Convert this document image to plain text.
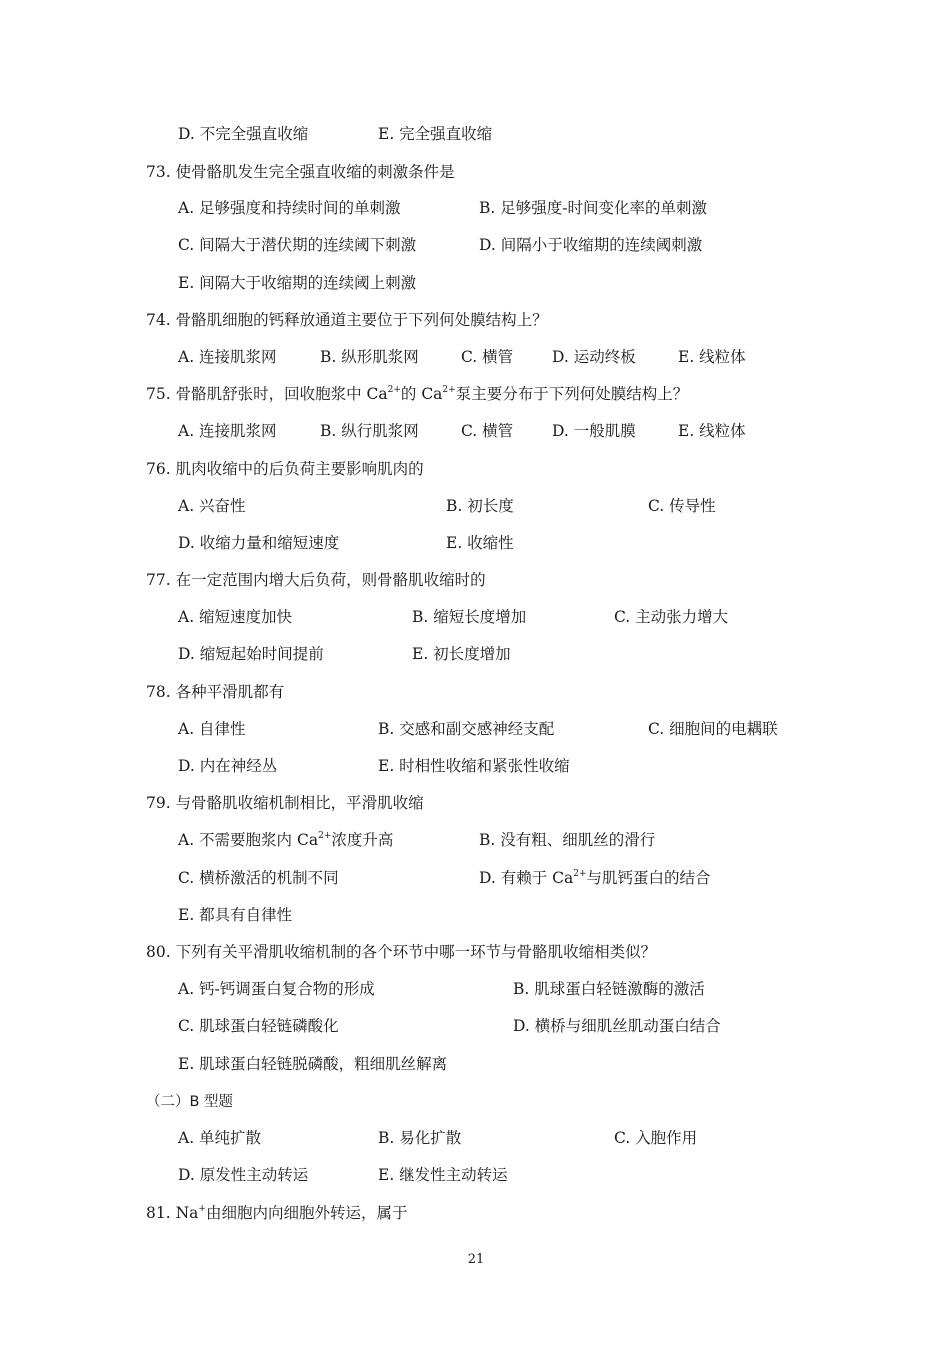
D. 不完全强直收缩	E. 完全强直收缩
73. 使骨骼肌发生完全强直收缩的刺激条件是
A. 足够强度和持续时间的单刺激	B. 足够强度-时间变化率的单刺激
C. 间隔大于潜伏期的连续阈下刺激	D. 间隔小于收缩期的连续阈刺激
E. 间隔大于收缩期的连续阈上刺激
74. 骨骼肌细胞的钙释放通道主要位于下列何处膜结构上？
A. 连接肌浆网	B. 纵形肌浆网	C. 横管	D. 运动终板	E. 线粒体
75. 骨骼肌舒张时，回收胞浆中 $Ca^{2+}$的 $Ca^{2+}$泵主要分布于下列何处膜结构上？
A. 连接肌浆网	B. 纵行肌浆网	C. 横管	D. 一般肌膜	E. 线粒体
76. 肌肉收缩中的后负荷主要影响肌肉的
A. 兴奋性	B. 初长度	C. 传导性
D. 收缩力量和缩短速度	E. 收缩性
77. 在一定范围内增大后负荷，则骨骼肌收缩时的
A. 缩短速度加快	B. 缩短长度增加	C. 主动张力增大
D. 缩短起始时间提前	E. 初长度增加
78. 各种平滑肌都有
A. 自律性	B. 交感和副交感神经支配	C. 细胞间的电耦联
D. 内在神经丛	E. 时相性收缩和紧张性收缩
79. 与骨骼肌收缩机制相比，平滑肌收缩
A. 不需要胞浆内 $Ca^{2+}$浓度升高	B. 没有粗、细肌丝的滑行
C. 横桥激活的机制不同	D. 有赖于 $Ca^{2+}$与肌钙蛋白的结合
E. 都具有自律性
80. 下列有关平滑肌收缩机制的各个环节中哪一环节与骨骼肌收缩相类似？
A. 钙-钙调蛋白复合物的形成	B. 肌球蛋白轻链激酶的激活
C. 肌球蛋白轻链磷酸化	D. 横桥与细肌丝肌动蛋白结合
E. 肌球蛋白轻链脱磷酸，粗细肌丝解离
（二）B 型题
A. 单纯扩散	B. 易化扩散	C. 入胞作用
D. 原发性主动转运	E. 继发性主动转运
81. Na+由细胞内向细胞外转运，属于
21
